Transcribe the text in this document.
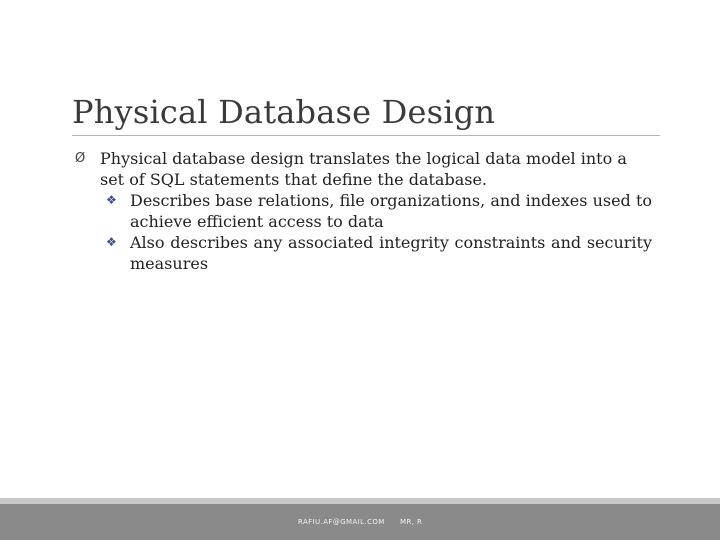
Physical Database Design
Ø Physical database design translates the logical data model into a set of SQL statements that define the database.
❖ Describes base relations, file organizations, and indexes used to achieve efficient access to data
❖ Also describes any associated integrity constraints and security measures
RAFIU.AF@GMAIL.COM MR, R
